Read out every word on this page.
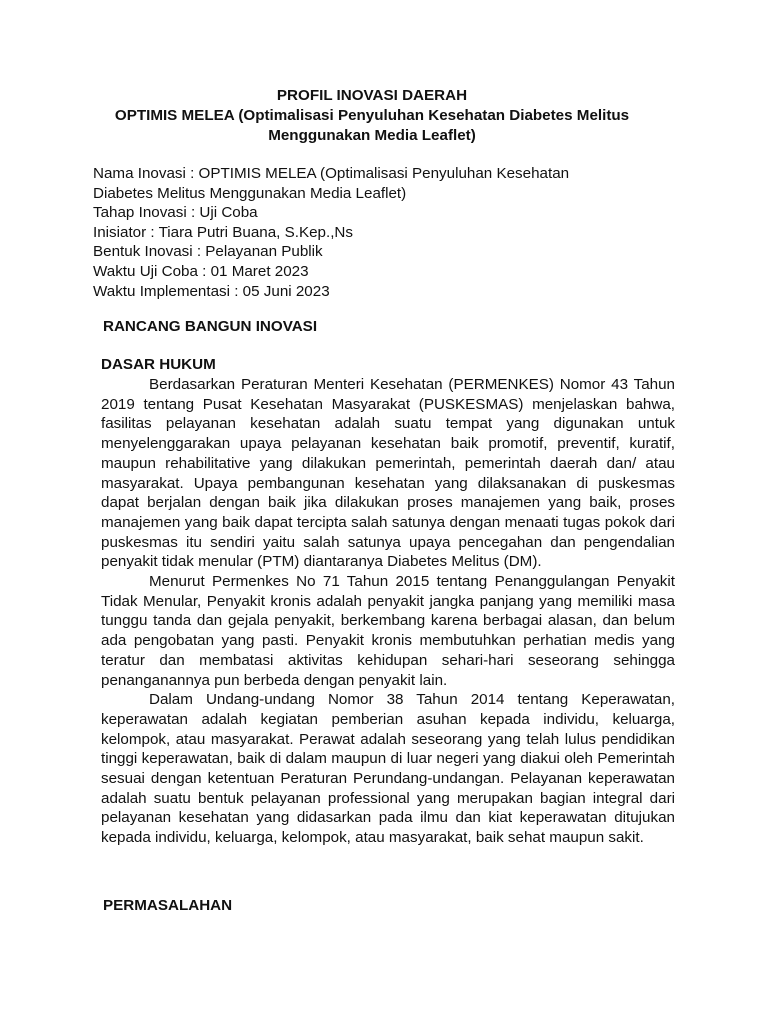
PROFIL INOVASI DAERAH
OPTIMIS MELEA (Optimalisasi Penyuluhan Kesehatan Diabetes Melitus
Menggunakan Media Leaflet)
Nama Inovasi : OPTIMIS MELEA (Optimalisasi Penyuluhan Kesehatan
Diabetes Melitus Menggunakan Media Leaflet)
Tahap Inovasi : Uji Coba
Inisiator : Tiara Putri Buana, S.Kep.,Ns
Bentuk Inovasi : Pelayanan Publik
Waktu Uji Coba : 01 Maret 2023
Waktu Implementasi : 05 Juni 2023
RANCANG BANGUN INOVASI
DASAR HUKUM

Berdasarkan Peraturan Menteri Kesehatan (PERMENKES) Nomor 43 Tahun 2019 tentang Pusat Kesehatan Masyarakat (PUSKESMAS) menjelaskan bahwa, fasilitas pelayanan kesehatan adalah suatu tempat yang digunakan untuk menyelenggarakan upaya pelayanan kesehatan baik promotif, preventif, kuratif, maupun rehabilitative yang dilakukan pemerintah, pemerintah daerah dan/ atau masyarakat. Upaya pembangunan kesehatan yang dilaksanakan di puskesmas dapat berjalan dengan baik jika dilakukan proses manajemen yang baik, proses manajemen yang baik dapat tercipta salah satunya dengan menaati tugas pokok dari puskesmas itu sendiri yaitu salah satunya upaya pencegahan dan pengendalian penyakit tidak menular (PTM) diantaranya Diabetes Melitus (DM).

Menurut Permenkes No 71 Tahun 2015 tentang Penanggulangan Penyakit Tidak Menular, Penyakit kronis adalah penyakit jangka panjang yang memiliki masa tunggu tanda dan gejala penyakit, berkembang karena berbagai alasan, dan belum ada pengobatan yang pasti. Penyakit kronis membutuhkan perhatian medis yang teratur dan membatasi aktivitas kehidupan sehari-hari seseorang sehingga penanganannya pun berbeda dengan penyakit lain.

Dalam Undang-undang Nomor 38 Tahun 2014 tentang Keperawatan, keperawatan adalah kegiatan pemberian asuhan kepada individu, keluarga, kelompok, atau masyarakat. Perawat adalah seseorang yang telah lulus pendidikan tinggi keperawatan, baik di dalam maupun di luar negeri yang diakui oleh Pemerintah sesuai dengan ketentuan Peraturan Perundang-undangan. Pelayanan keperawatan adalah suatu bentuk pelayanan professional yang merupakan bagian integral dari pelayanan kesehatan yang didasarkan pada ilmu dan kiat keperawatan ditujukan kepada individu, keluarga, kelompok, atau masyarakat, baik sehat maupun sakit.

PERMASALAHAN
